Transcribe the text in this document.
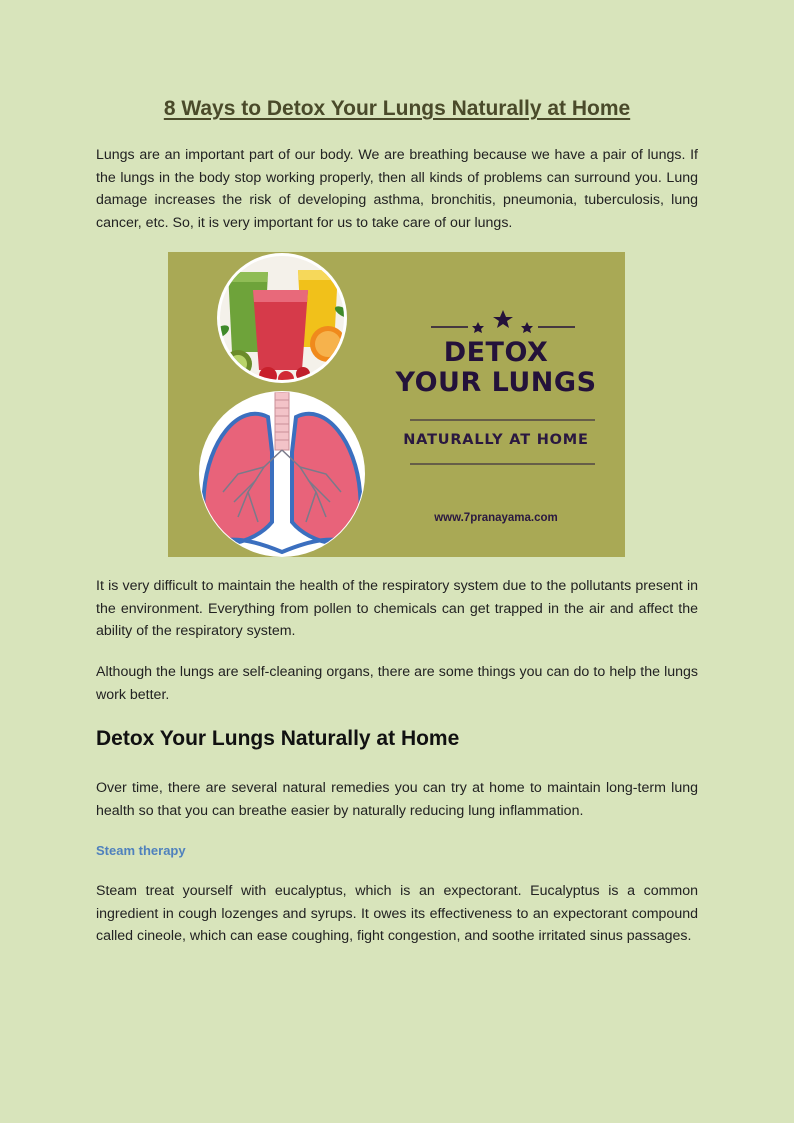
8 Ways to Detox Your Lungs Naturally at Home

Lungs are an important part of our body. We are breathing because we have a pair of lungs. If the lungs in the body stop working properly, then all kinds of problems can surround you. Lung damage increases the risk of developing asthma, bronchitis, pneumonia, tuberculosis, lung cancer, etc. So, it is very important for us to take care of our lungs.

It is very difficult to maintain the health of the respiratory system due to the pollutants present in the environment. Everything from pollen to chemicals can get trapped in the air and affect the ability of the respiratory system.

Although the lungs are self-cleaning organs, there are some things you can do to help the lungs work better.

Detox Your Lungs Naturally at Home

Over time, there are several natural remedies you can try at home to maintain long-term lung health so that you can breathe easier by naturally reducing lung inflammation.

Steam therapy

Steam treat yourself with eucalyptus, which is an expectorant. Eucalyptus is a common ingredient in cough lozenges and syrups. It owes its effectiveness to an expectorant compound called cineole, which can ease coughing, fight congestion, and soothe irritated sinus passages.

DETOX
YOUR LUNGS
NATURALLY AT HOME
www.7pranayama.com
